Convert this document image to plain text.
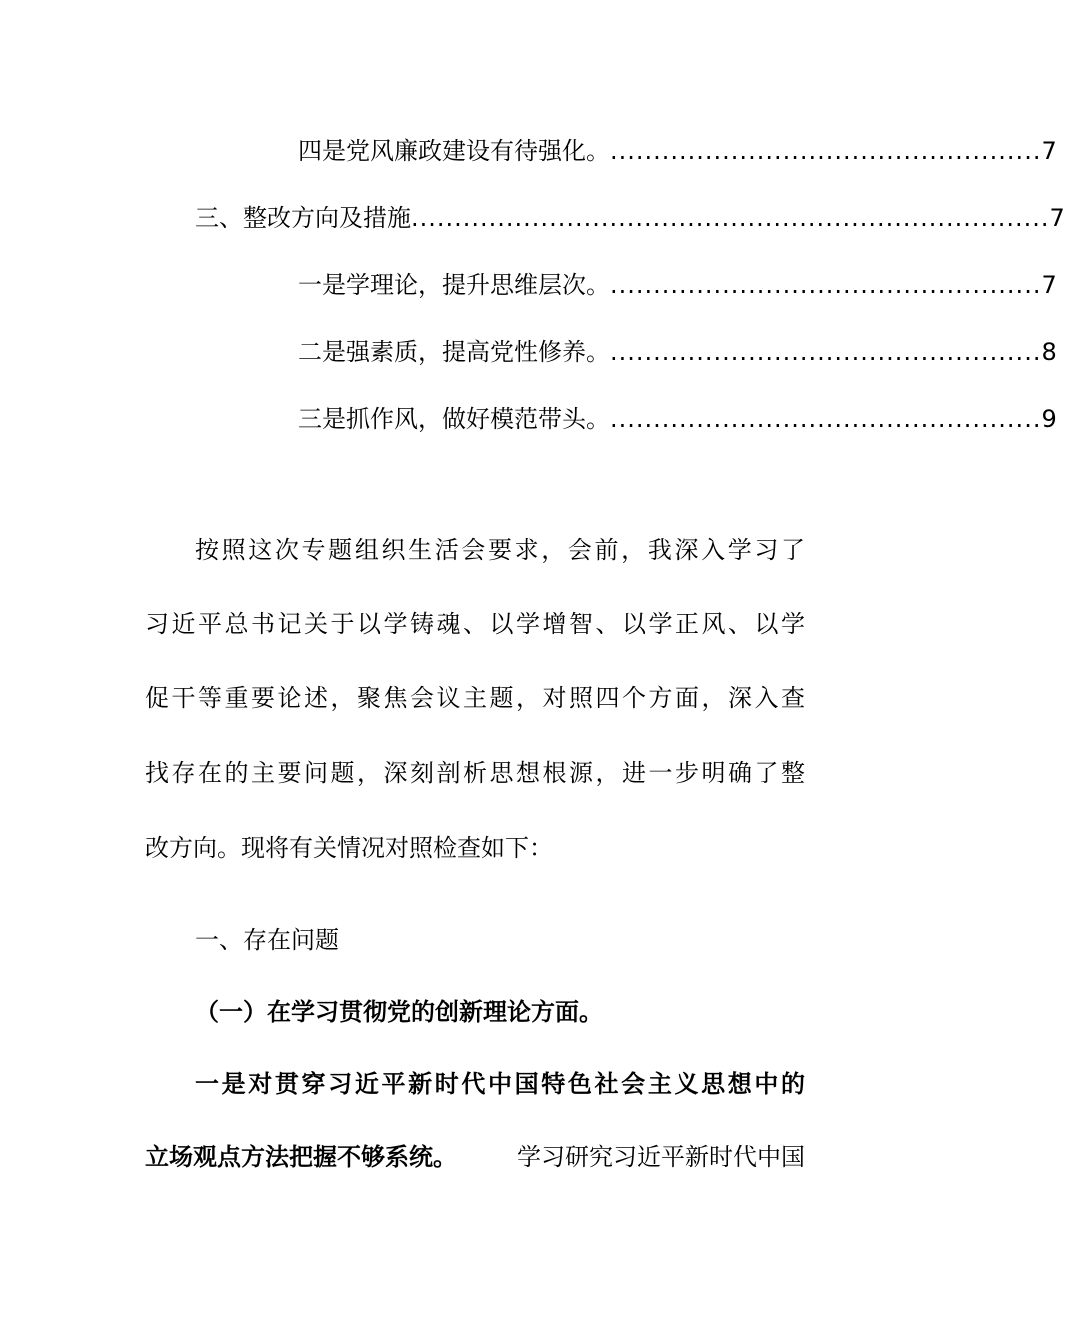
四是党风廉政建设有待强化。 .................................................. 7
三、整改方向及措施 .......................................................................... 7
一是学理论，提升思维层次。 .................................................. 7
二是强素质，提高党性修养。 .................................................. 8
三是抓作风，做好模范带头。 .................................................. 9
按照这次专题组织生活会要求，会前，我深入学习了
习近平总书记关于以学铸魂、以学增智、以学正风、以学
促干等重要论述，聚焦会议主题，对照四个方面，深入查
找存在的主要问题，深刻剖析思想根源，进一步明确了整
改方向。现将有关情况对照检查如下：
一、存在问题
（一）在学习贯彻党的创新理论方面。
一是对贯穿习近平新时代中国特色社会主义思想中的
立场观点方法把握不够系统。	学习研究习近平新时代中国
